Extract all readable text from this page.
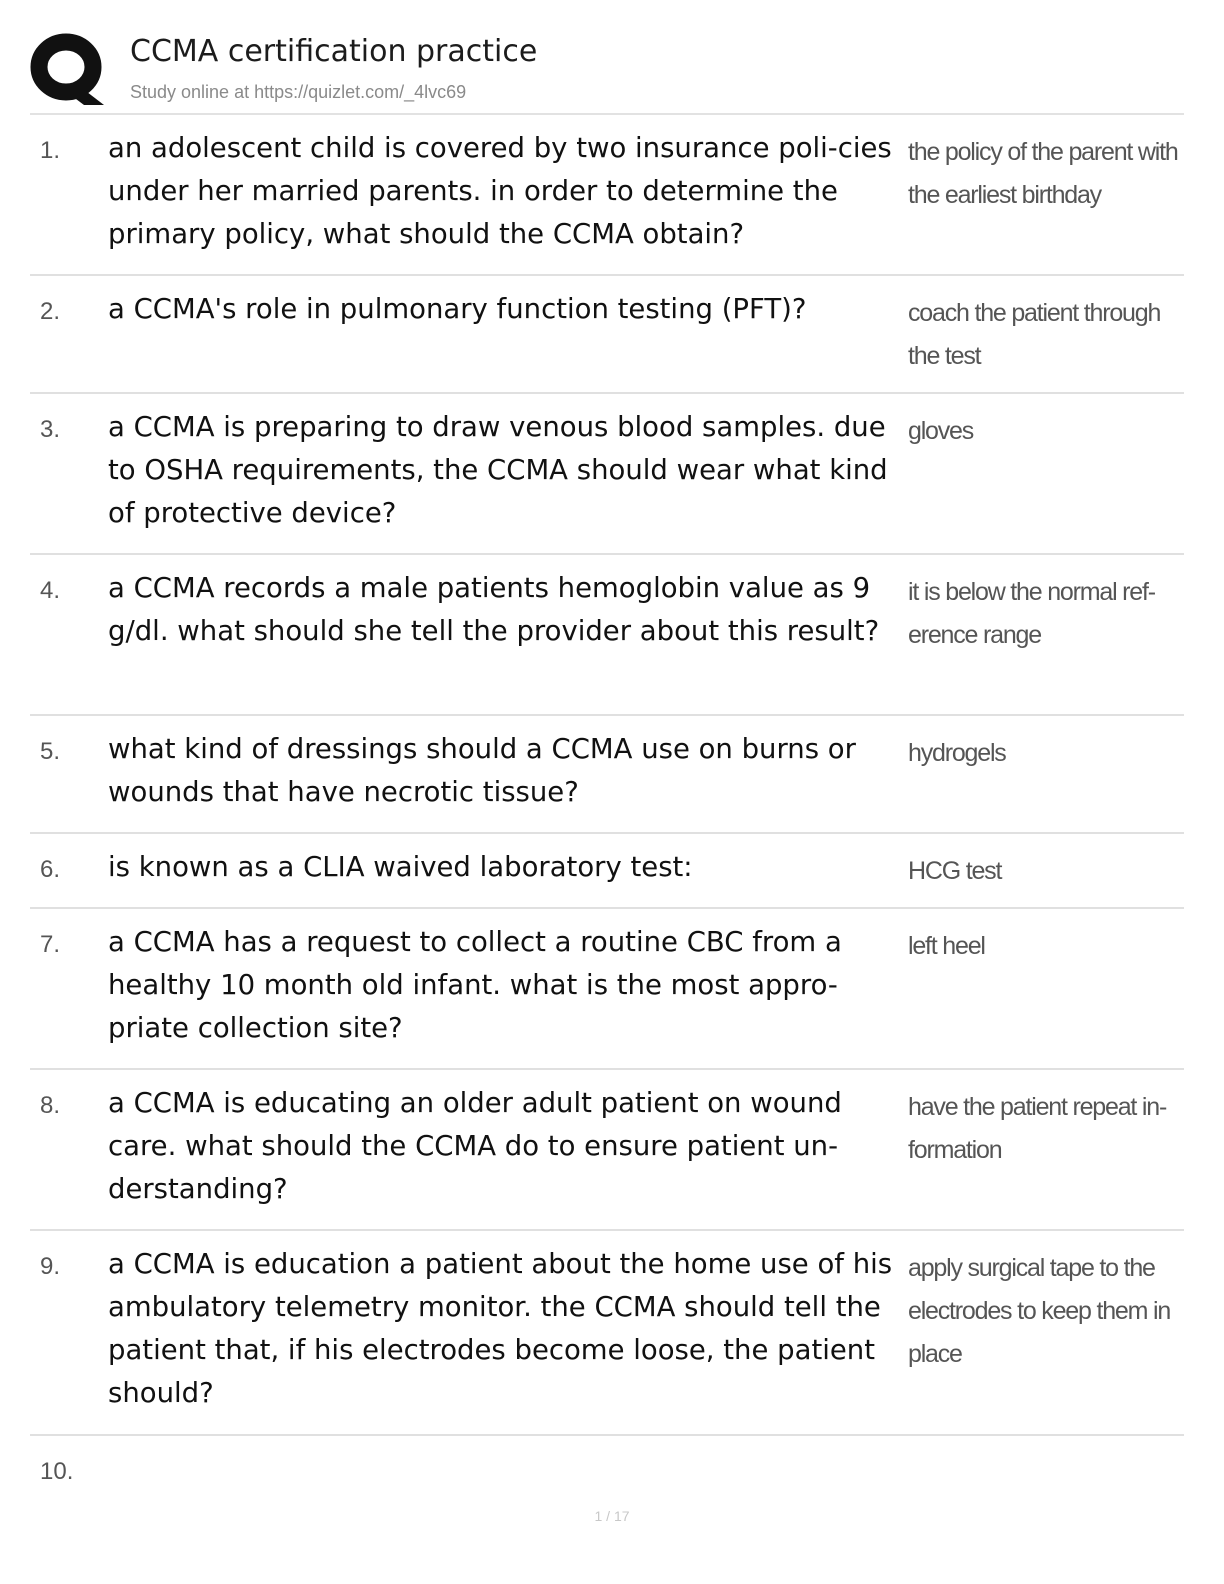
CCMA certification practice
Study online at https://quizlet.com/_4lvc69
1. an adolescent child is covered by two insurance poli-cies under her married parents. in order to determine the primary policy, what should the CCMA obtain?
the policy of the parent with the earliest birthday
2. a CCMA's role in pulmonary function testing (PFT)?	coach the patient through the test
3. a CCMA is preparing to draw venous blood samples. due to OSHA requirements, the CCMA should wear what kind of protective device?
gloves
4. a CCMA records a male patients hemoglobin value as 9 g/dl. what should she tell the provider about this result?
it is below the normal ref-erence range
5. what kind of dressings should a CCMA use on burns or wounds that have necrotic tissue?
hydrogels
6. is known as a CLIA waived laboratory test:	HCG test
7. a CCMA has a request to collect a routine CBC from a healthy 10 month old infant. what is the most appro-priate collection site?
left heel
8. a CCMA is educating an older adult patient on wound care. what should the CCMA do to ensure patient un-derstanding?
have the patient repeat in-formation
9. a CCMA is education a patient about the home use of his ambulatory telemetry monitor. the CCMA should tell the patient that, if his electrodes become loose, the patient should?
apply surgical tape to the electrodes to keep them in place
10.
1 / 17
